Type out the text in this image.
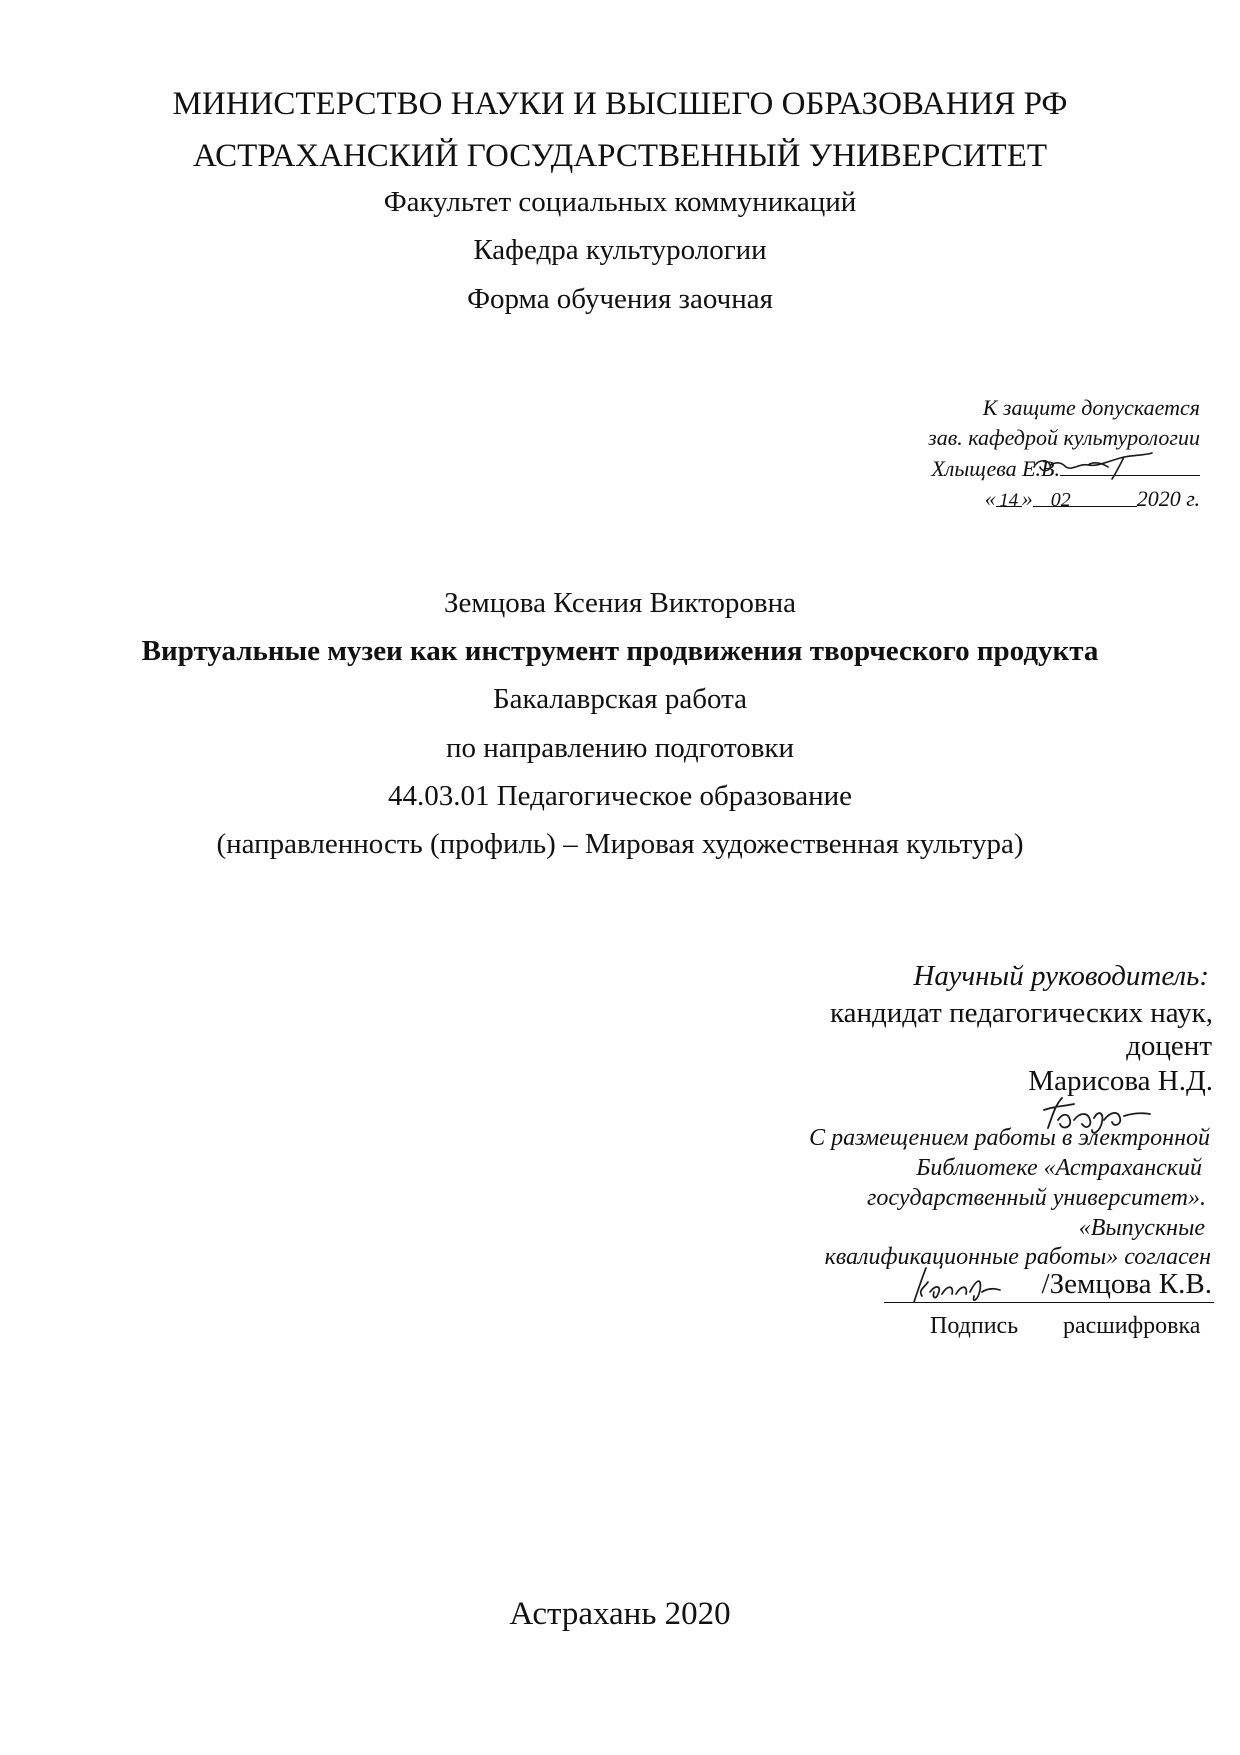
МИНИСТЕРСТВО НАУКИ И ВЫСШЕГО ОБРАЗОВАНИЯ РФ
АСТРАХАНСКИЙ ГОСУДАРСТВЕННЫЙ УНИВЕРСИТЕТ
Факультет социальных коммуникаций
Кафедра культурологии
Форма обучения заочная
К защите допускается
зав. кафедрой культурологии
Хлыщева Е.В.
« 14 » 02	2020 г.
Земцова Ксения Викторовна
Виртуальные музеи как инструмент продвижения творческого продукта
Бакалаврская работа
по направлению подготовки
44.03.01 Педагогическое образование
(направленность (профиль) – Мировая художественная культура)
Научный руководитель:
кандидат педагогических наук,
доцент
Марисова Н.Д.
С размещением работы в электронной
Библиотеке «Астраханский
государственный университет».
«Выпускные
квалификационные работы» согласен
/Земцова К.В.
Подпись расшифровка
Астрахань 2020
